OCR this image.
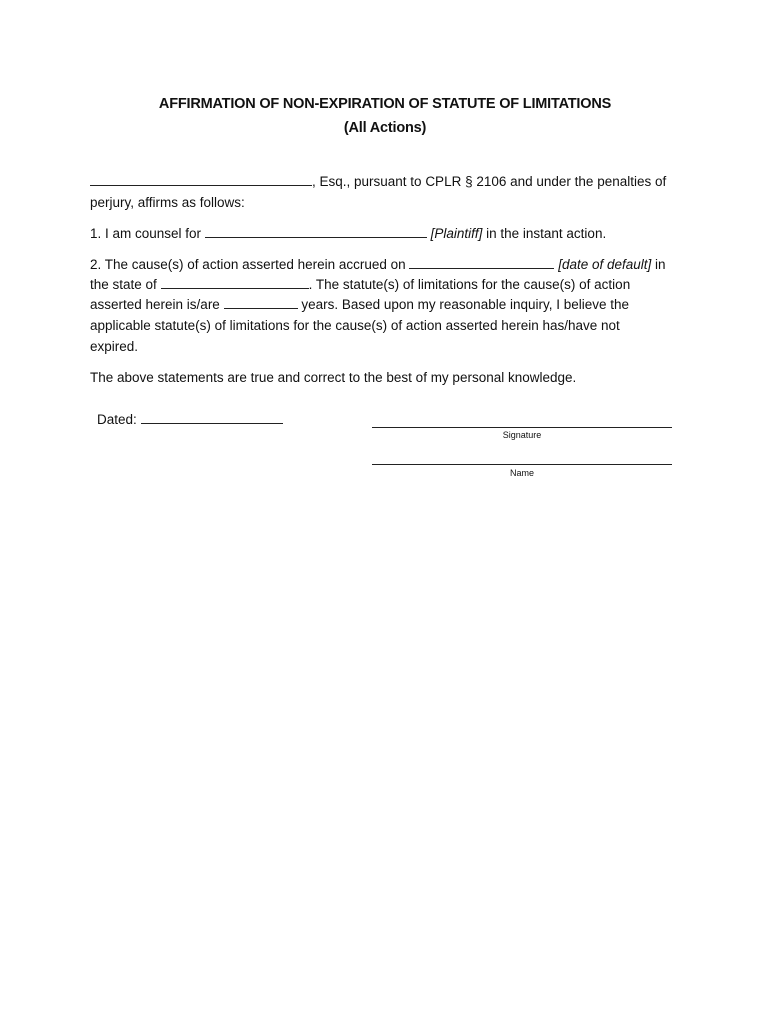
AFFIRMATION OF NON-EXPIRATION OF STATUTE OF LIMITATIONS
(All Actions)
, Esq., pursuant to CPLR § 2106 and under the penalties of
perjury, affirms as follows:
1. I am counsel for	[Plaintiff] in the instant action.
2. The cause(s) of action asserted herein accrued on	[date of default] in
the state of	. The statute(s) of limitations for the cause(s) of action
asserted herein is/are	years. Based upon my reasonable inquiry, I believe the
applicable statute(s) of limitations for the cause(s) of action asserted herein has/have not
expired.
The above statements are true and correct to the best of my personal knowledge.
Dated:
Signature
Name
